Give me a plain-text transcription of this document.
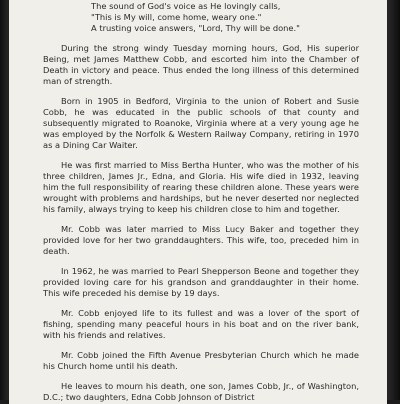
The sound of God's voice as He lovingly calls,
"This is My will, come home, weary one."
A trusting voice answers, "Lord, Thy will be done."

During the strong windy Tuesday morning hours, God, His superior Being, met James Matthew Cobb, and escorted him into the Chamber of Death in victory and peace. Thus ended the long illness of this determined man of strength.

Born in 1905 in Bedford, Virginia to the union of Robert and Susie Cobb, he was educated in the public schools of that county and subsequently migrated to Roanoke, Virginia where at a very young age he was employed by the Norfolk & Western Railway Company, retiring in 1970 as a Dining Car Waiter.

He was first married to Miss Bertha Hunter, who was the mother of his three children, James Jr., Edna, and Gloria. His wife died in 1932, leaving him the full responsibility of rearing these children alone. These years were wrought with problems and hardships, but he never deserted nor neglected his family, always trying to keep his children close to him and together.

Mr. Cobb was later married to Miss Lucy Baker and together they provided love for her two granddaughters. This wife, too, preceded him in death.

In 1962, he was married to Pearl Shepperson Beone and together they provided loving care for his grandson and granddaughter in their home. This wife preceded his demise by 19 days.

Mr. Cobb enjoyed life to its fullest and was a lover of the sport of fishing, spending many peaceful hours in his boat and on the river bank, with his friends and relatives.

Mr. Cobb joined the Fifth Avenue Presbyterian Church which he made his Church home until his death.

He leaves to mourn his death, one son, James Cobb, Jr., of Washington, D.C.; two daughters, Edna Cobb Johnson of District
